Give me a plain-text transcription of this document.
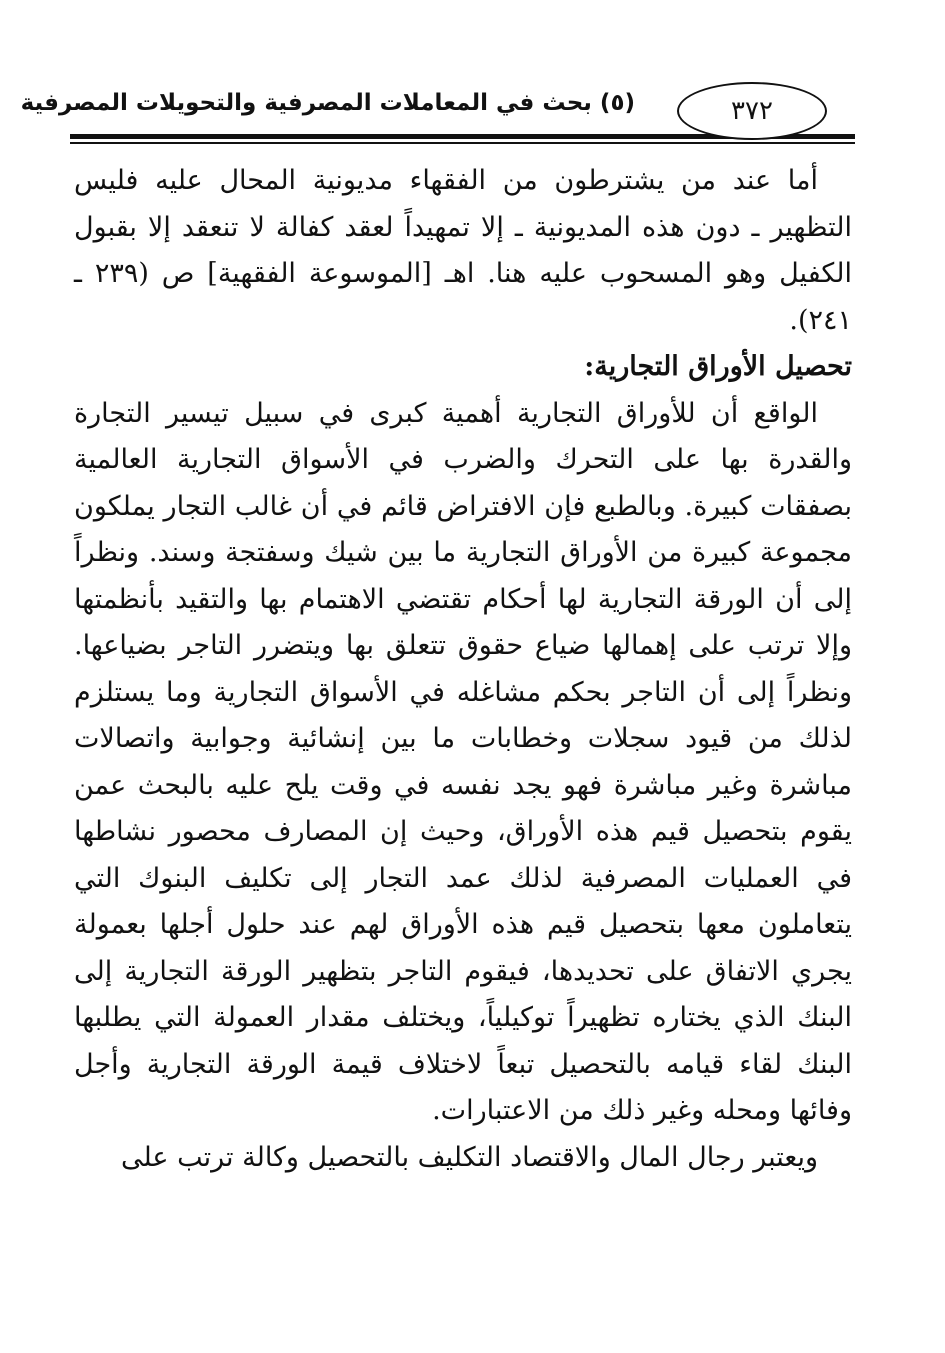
(٥) بحث في المعاملات المصرفية والتحويلات المصرفية	٣٧٢

أما عند من يشترطون من الفقهاء مديونية المحال عليه فليس التظهير ـ دون هذه المديونية ـ إلا تمهيداً لعقد كفالة لا تنعقد إلا بقبول الكفيل وهو المسحوب عليه هنا. اهـ [الموسوعة الفقهية] ص (٢٣٩ ـ ٢٤١).

تحصيل الأوراق التجارية:

الواقع أن للأوراق التجارية أهمية كبرى في سبيل تيسير التجارة والقدرة بها على التحرك والضرب في الأسواق التجارية العالمية بصفقات كبيرة. وبالطبع فإن الافتراض قائم في أن غالب التجار يملكون مجموعة كبيرة من الأوراق التجارية ما بين شيك وسفتجة وسند. ونظراً إلى أن الورقة التجارية لها أحكام تقتضي الاهتمام بها والتقيد بأنظمتها وإلا ترتب على إهمالها ضياع حقوق تتعلق بها ويتضرر التاجر بضياعها. ونظراً إلى أن التاجر بحكم مشاغله في الأسواق التجارية وما يستلزم لذلك من قيود سجلات وخطابات ما بين إنشائية وجوابية واتصالات مباشرة وغير مباشرة فهو يجد نفسه في وقت يلح عليه بالبحث عمن يقوم بتحصيل قيم هذه الأوراق، وحيث إن المصارف محصور نشاطها في العمليات المصرفية لذلك عمد التجار إلى تكليف البنوك التي يتعاملون معها بتحصيل قيم هذه الأوراق لهم عند حلول أجلها بعمولة يجري الاتفاق على تحديدها، فيقوم التاجر بتظهير الورقة التجارية إلى البنك الذي يختاره تظهيراً توكيلياً، ويختلف مقدار العمولة التي يطلبها البنك لقاء قيامه بالتحصيل تبعاً لاختلاف قيمة الورقة التجارية وأجل وفائها ومحله وغير ذلك من الاعتبارات.

ويعتبر رجال المال والاقتصاد التكليف بالتحصيل وكالة ترتب على
